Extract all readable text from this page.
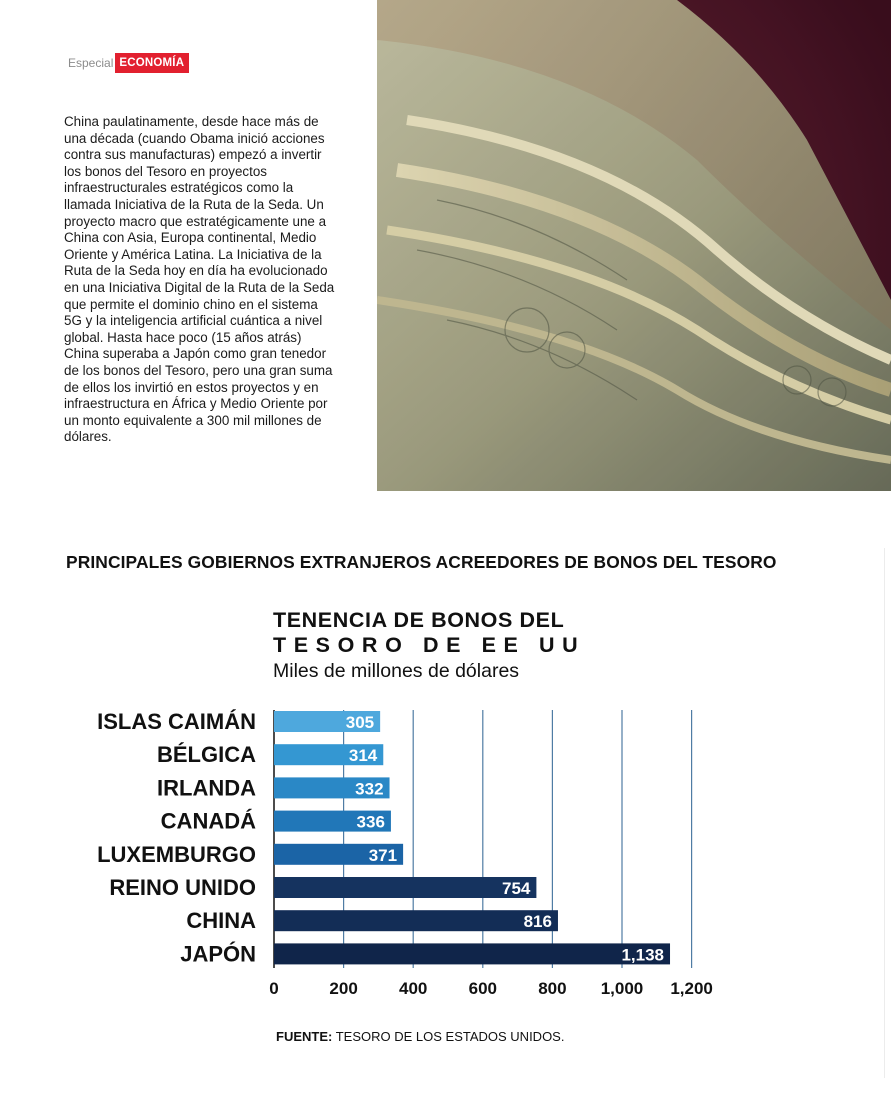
Especial ECONOMÍA

China paulatinamente, desde hace más de una década (cuando Obama inició acciones contra sus manufacturas) empezó a invertir los bonos del Tesoro en proyectos infraestructurales estratégicos como la llamada Iniciativa de la Ruta de la Seda. Un proyecto macro que estratégicamente une a China con Asia, Europa continental, Medio Oriente y América Latina. La Iniciativa de la Ruta de la Seda hoy en día ha evolucionado en una Iniciativa Digital de la Ruta de la Seda que permite el dominio chino en el sistema 5G y la inteligencia artificial cuántica a nivel global. Hasta hace poco (15 años atrás) China superaba a Japón como gran tenedor de los bonos del Tesoro, pero una gran suma de ellos los invirtió en estos proyectos y en infraestructura en África y Medio Oriente por un monto equivalente a 300 mil millones de dólares.

PRINCIPALES GOBIERNOS EXTRANJEROS ACREEDORES DE BONOS DEL TESORO
TENENCIA DE BONOS DEL
TESORO DE EE UU
Miles de millones de dólares
0	200 400 600 800 1,000 1,200
ISLAS CAIMÁN	305
BÉLGICA	314
IRLANDA	332
CANADÁ	336
LUXEMBURGO	371
REINO UNIDO	754
CHINA	816
JAPÓN	1,138

FUENTE: TESORO DE LOS ESTADOS UNIDOS.
